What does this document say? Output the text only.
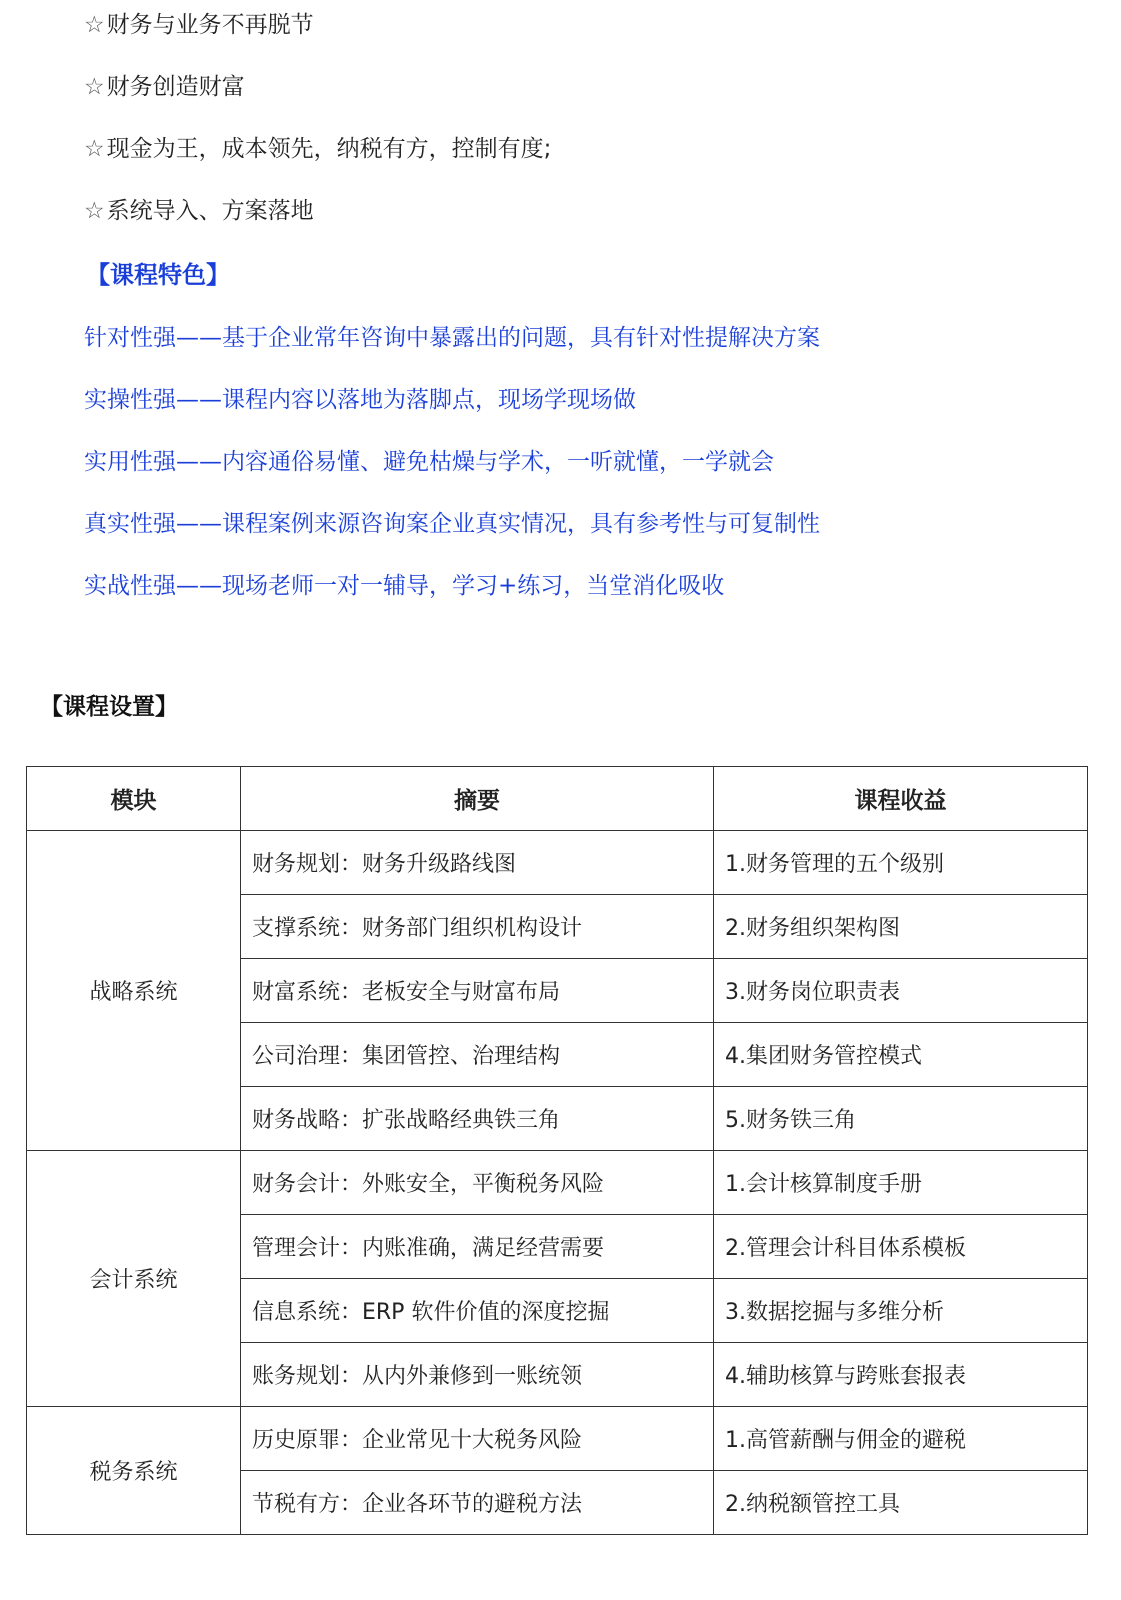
☆财务与业务不再脱节
☆财务创造财富
☆现金为王，成本领先，纳税有方，控制有度;
☆系统导入、方案落地
【课程特色】
针对性强——基于企业常年咨询中暴露出的问题，具有针对性提解决方案
实操性强——课程内容以落地为落脚点，现场学现场做
实用性强——内容通俗易懂、避免枯燥与学术，一听就懂，一学就会
真实性强——课程案例来源咨询案企业真实情况，具有参考性与可复制性
实战性强——现场老师一对一辅导，学习+练习，当堂消化吸收
【课程设置】
模块	摘要	课程收益
战略系统	财务规划：财务升级路线图	1.财务管理的五个级别
	支撑系统：财务部门组织机构设计	2.财务组织架构图
	财富系统：老板安全与财富布局	3.财务岗位职责表
	公司治理：集团管控、治理结构	4.集团财务管控模式
	财务战略：扩张战略经典铁三角	5.财务铁三角
会计系统	财务会计：外账安全，平衡税务风险	1.会计核算制度手册
	管理会计：内账准确，满足经营需要	2.管理会计科目体系模板
	信息系统：ERP 软件价值的深度挖掘	3.数据挖掘与多维分析
	账务规划：从内外兼修到一账统领	4.辅助核算与跨账套报表
税务系统	历史原罪：企业常见十大税务风险	1.高管薪酬与佣金的避税
	节税有方：企业各环节的避税方法	2.纳税额管控工具
